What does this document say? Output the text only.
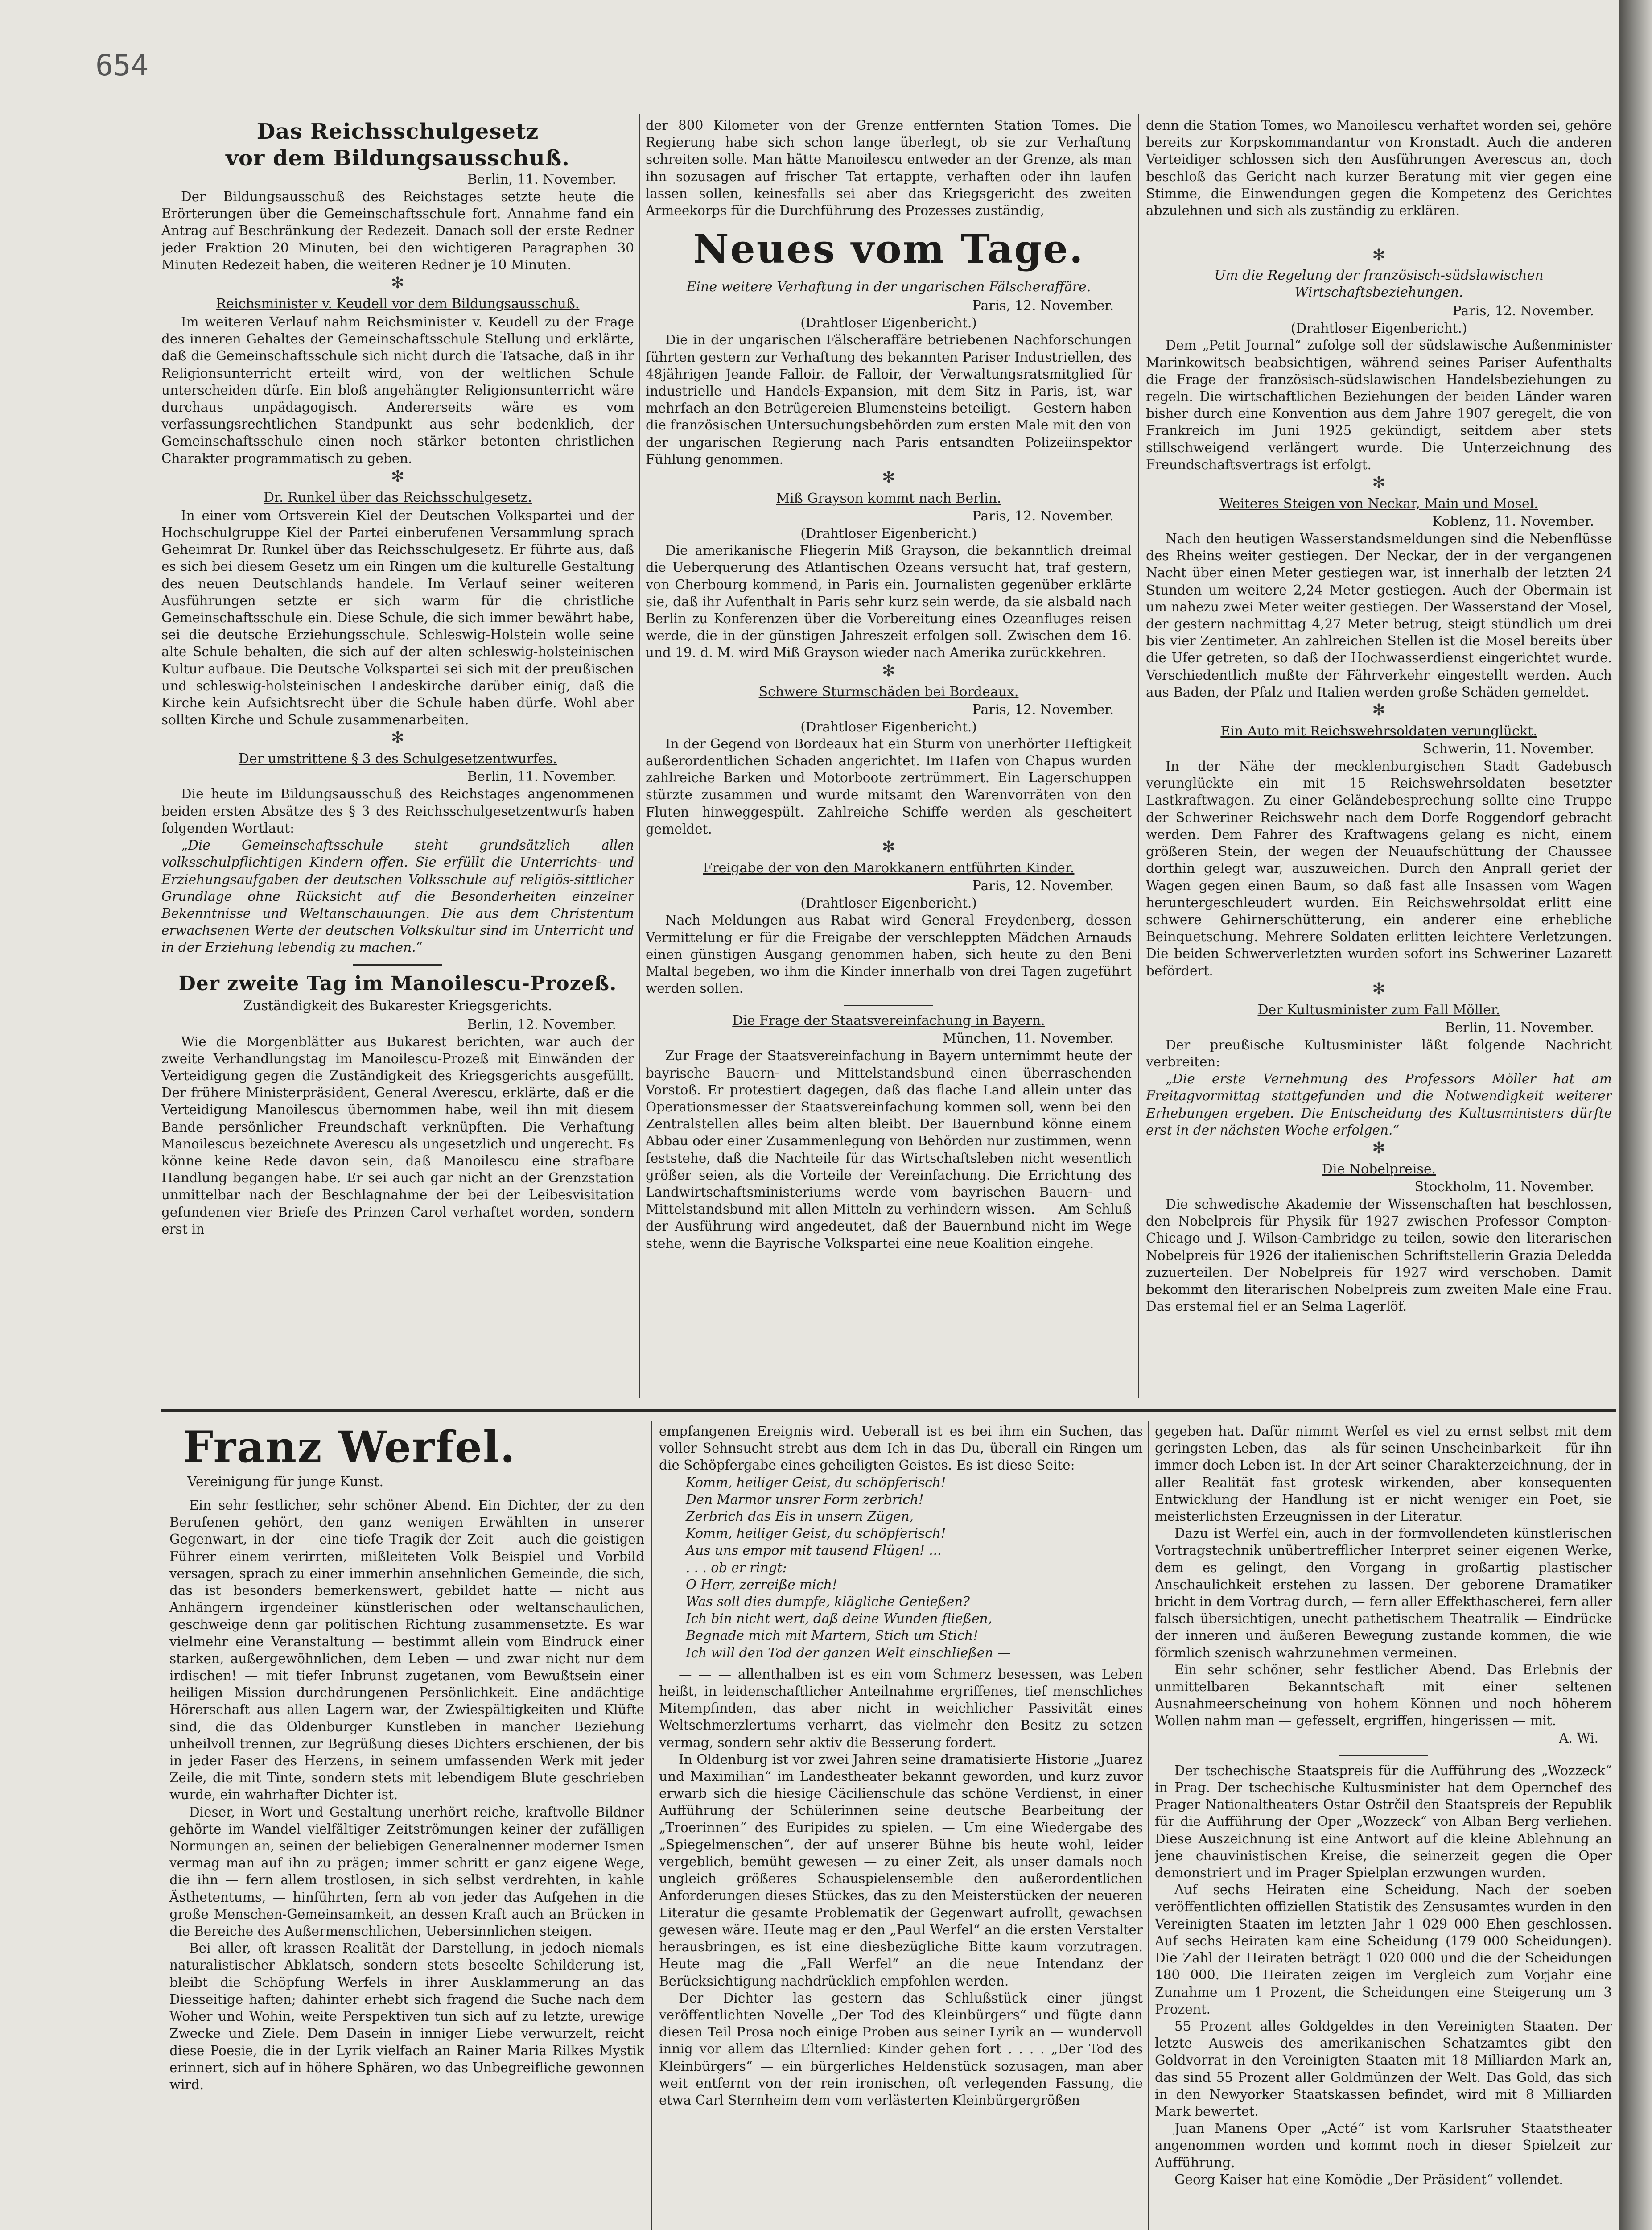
654
Das Reichsschulgesetz
vor dem Bildungsausschuß.
Berlin, 11. November.

Der Bildungsausschuß des Reichstages setzte heute die Erörterungen über die Gemeinschaftsschule fort. Annahme fand ein Antrag auf Beschränkung der Redezeit. Danach soll der erste Redner jeder Fraktion 20 Minuten, bei den wichtigeren Paragraphen 30 Minuten Redezeit haben, die weiteren Redner je 10 Minuten.

✻
Reichsminister v. Keudell vor dem Bildungsausschuß.

Im weiteren Verlauf nahm Reichsminister v. Keudell zu der Frage des inneren Gehaltes der Gemeinschaftsschule Stellung und erklärte, daß die Gemeinschaftsschule sich nicht durch die Tatsache, daß in ihr Religionsunterricht erteilt wird, von der weltlichen Schule unterscheiden dürfe. Ein bloß angehängter Religionsunterricht wäre durchaus unpädagogisch. Andererseits wäre es vom verfassungsrechtlichen Standpunkt aus sehr bedenklich, der Gemeinschaftsschule einen noch stärker betonten christlichen Charakter programmatisch zu geben.

✻
Dr. Runkel über das Reichsschulgesetz.

In einer vom Ortsverein Kiel der Deutschen Volkspartei und der Hochschulgruppe Kiel der Partei einberufenen Versammlung sprach Geheimrat Dr. Runkel über das Reichsschulgesetz. Er führte aus, daß es sich bei diesem Gesetz um ein Ringen um die kulturelle Gestaltung des neuen Deutschlands handele. Im Verlauf seiner weiteren Ausführungen setzte er sich warm für die christliche Gemeinschaftsschule ein. Diese Schule, die sich immer bewährt habe, sei die deutsche Erziehungsschule. Schleswig-Holstein wolle seine alte Schule behalten, die sich auf der alten schleswig-holsteinischen Kultur aufbaue. Die Deutsche Volkspartei sei sich mit der preußischen und schleswig-holsteinischen Landeskirche darüber einig, daß die Kirche kein Aufsichtsrecht über die Schule haben dürfe. Wohl aber sollten Kirche und Schule zusammenarbeiten.

✻
Der umstrittene § 3 des Schulgesetzentwurfes.
Berlin, 11. November.

Die heute im Bildungsausschuß des Reichstages angenommenen beiden ersten Absätze des § 3 des Reichsschulgesetzentwurfs haben folgenden Wortlaut:

„Die Gemeinschaftsschule steht grundsätzlich allen volksschulpflichtigen Kindern offen. Sie erfüllt die Unterrichts- und Erziehungsaufgaben der deutschen Volksschule auf religiös-sittlicher Grundlage ohne Rücksicht auf die Besonderheiten einzelner Bekenntnisse und Weltanschauungen. Die aus dem Christentum erwachsenen Werte der deutschen Volkskultur sind im Unterricht und in der Erziehung lebendig zu machen.“

Der zweite Tag im Manoilescu-Prozeß.
Zuständigkeit des Bukarester Kriegsgerichts.
Berlin, 12. November.

Wie die Morgenblätter aus Bukarest berichten, war auch der zweite Verhandlungstag im Manoilescu-Prozeß mit Einwänden der Verteidigung gegen die Zuständigkeit des Kriegsgerichts ausgefüllt. Der frühere Ministerpräsident, General Averescu, erklärte, daß er die Verteidigung Manoilescus übernommen habe, weil ihn mit diesem Bande persönlicher Freundschaft verknüpften. Die Verhaftung Manoilescus bezeichnete Averescu als ungesetzlich und ungerecht. Es könne keine Rede davon sein, daß Manoilescu eine strafbare Handlung begangen habe. Er sei auch gar nicht an der Grenzstation unmittelbar nach der Beschlagnahme der bei der Leibesvisitation gefundenen vier Briefe des Prinzen Carol verhaftet worden, sondern erst in

der 800 Kilometer von der Grenze entfernten Station Tomes. Die Regierung habe sich schon lange überlegt, ob sie zur Verhaftung schreiten solle. Man hätte Manoilescu entweder an der Grenze, als man ihn sozusagen auf frischer Tat ertappte, verhaften oder ihn laufen lassen sollen, keinesfalls sei aber das Kriegsgericht des zweiten Armeekorps für die Durchführung des Prozesses zuständig,

Neues vom Tage.
Eine weitere Verhaftung in der ungarischen Fälscheraffäre.
Paris, 12. November.
(Drahtloser Eigenbericht.)

Die in der ungarischen Fälscheraffäre betriebenen Nachforschungen führten gestern zur Verhaftung des bekannten Pariser Industriellen, des 48jährigen Jeande Falloir. de Falloir, der Verwaltungsratsmitglied für industrielle und Handels-Expansion, mit dem Sitz in Paris, ist, war mehrfach an den Betrügereien Blumensteins beteiligt. — Gestern haben die französischen Untersuchungsbehörden zum ersten Male mit den von der ungarischen Regierung nach Paris entsandten Polizeiinspektor Fühlung genommen.

✻
Miß Grayson kommt nach Berlin.
Paris, 12. November.
(Drahtloser Eigenbericht.)

Die amerikanische Fliegerin Miß Grayson, die bekanntlich dreimal die Ueberquerung des Atlantischen Ozeans versucht hat, traf gestern, von Cherbourg kommend, in Paris ein. Journalisten gegenüber erklärte sie, daß ihr Aufenthalt in Paris sehr kurz sein werde, da sie alsbald nach Berlin zu Konferenzen über die Vorbereitung eines Ozeanfluges reisen werde, die in der günstigen Jahreszeit erfolgen soll. Zwischen dem 16. und 19. d. M. wird Miß Grayson wieder nach Amerika zurückkehren.

✻
Schwere Sturmschäden bei Bordeaux.
Paris, 12. November.
(Drahtloser Eigenbericht.)

In der Gegend von Bordeaux hat ein Sturm von unerhörter Heftigkeit außerordentlichen Schaden angerichtet. Im Hafen von Chapus wurden zahlreiche Barken und Motorboote zertrümmert. Ein Lagerschuppen stürzte zusammen und wurde mitsamt den Warenvorräten von den Fluten hinweggespült. Zahlreiche Schiffe werden als gescheitert gemeldet.

✻
Freigabe der von den Marokkanern entführten Kinder.
Paris, 12. November.
(Drahtloser Eigenbericht.)

Nach Meldungen aus Rabat wird General Freydenberg, dessen Vermittelung er für die Freigabe der verschleppten Mädchen Arnauds einen günstigen Ausgang genommen haben, sich heute zu den Beni Maltal begeben, wo ihm die Kinder innerhalb von drei Tagen zugeführt werden sollen.

Die Frage der Staatsvereinfachung in Bayern.
München, 11. November.

Zur Frage der Staatsvereinfachung in Bayern unternimmt heute der bayrische Bauern- und Mittelstandsbund einen überraschenden Vorstoß. Er protestiert dagegen, daß das flache Land allein unter das Operationsmesser der Staatsvereinfachung kommen soll, wenn bei den Zentralstellen alles beim alten bleibt. Der Bauernbund könne einem Abbau oder einer Zusammenlegung von Behörden nur zustimmen, wenn feststehe, daß die Nachteile für das Wirtschaftsleben nicht wesentlich größer seien, als die Vorteile der Vereinfachung. Die Errichtung des Landwirtschaftsministeriums werde vom bayrischen Bauern- und Mittelstandsbund mit allen Mitteln zu verhindern wissen. — Am Schluß der Ausführung wird angedeutet, daß der Bauernbund nicht im Wege stehe, wenn die Bayrische Volkspartei eine neue Koalition eingehe.

denn die Station Tomes, wo Manoilescu verhaftet worden sei, gehöre bereits zur Korpskommandantur von Kronstadt. Auch die anderen Verteidiger schlossen sich den Ausführungen Averescus an, doch beschloß das Gericht nach kurzer Beratung mit vier gegen eine Stimme, die Einwendungen gegen die Kompetenz des Gerichtes abzulehnen und sich als zuständig zu erklären.

✻
Um die Regelung der französisch-südslawischen Wirtschaftsbeziehungen.
Paris, 12. November.
(Drahtloser Eigenbericht.)

Dem „Petit Journal“ zufolge soll der südslawische Außenminister Marinkowitsch beabsichtigen, während seines Pariser Aufenthalts die Frage der französisch-südslawischen Handelsbeziehungen zu regeln. Die wirtschaftlichen Beziehungen der beiden Länder waren bisher durch eine Konvention aus dem Jahre 1907 geregelt, die von Frankreich im Juni 1925 gekündigt, seitdem aber stets stillschweigend verlängert wurde. Die Unterzeichnung des Freundschaftsvertrags ist erfolgt.

✻
Weiteres Steigen von Neckar, Main und Mosel.
Koblenz, 11. November.

Nach den heutigen Wasserstandsmeldungen sind die Nebenflüsse des Rheins weiter gestiegen. Der Neckar, der in der vergangenen Nacht über einen Meter gestiegen war, ist innerhalb der letzten 24 Stunden um weitere 2,24 Meter gestiegen. Auch der Obermain ist um nahezu zwei Meter weiter gestiegen. Der Wasserstand der Mosel, der gestern nachmittag 4,27 Meter betrug, steigt stündlich um drei bis vier Zentimeter. An zahlreichen Stellen ist die Mosel bereits über die Ufer getreten, so daß der Hochwasserdienst eingerichtet wurde. Verschiedentlich mußte der Fährverkehr eingestellt werden. Auch aus Baden, der Pfalz und Italien werden große Schäden gemeldet.

✻
Ein Auto mit Reichswehrsoldaten verunglückt.
Schwerin, 11. November.

In der Nähe der mecklenburgischen Stadt Gadebusch verunglückte ein mit 15 Reichswehrsoldaten besetzter Lastkraftwagen. Zu einer Geländebesprechung sollte eine Truppe der Schweriner Reichswehr nach dem Dorfe Roggendorf gebracht werden. Dem Fahrer des Kraftwagens gelang es nicht, einem größeren Stein, der wegen der Neuaufschüttung der Chaussee dorthin gelegt war, auszuweichen. Durch den Anprall geriet der Wagen gegen einen Baum, so daß fast alle Insassen vom Wagen heruntergeschleudert wurden. Ein Reichswehrsoldat erlitt eine schwere Gehirnerschütterung, ein anderer eine erhebliche Beinquetschung. Mehrere Soldaten erlitten leichtere Verletzungen. Die beiden Schwerverletzten wurden sofort ins Schweriner Lazarett befördert.

✻
Der Kultusminister zum Fall Möller.
Berlin, 11. November.

Der preußische Kultusminister läßt folgende Nachricht verbreiten:

„Die erste Vernehmung des Professors Möller hat am Freitagvormittag stattgefunden und die Notwendigkeit weiterer Erhebungen ergeben. Die Entscheidung des Kultusministers dürfte erst in der nächsten Woche erfolgen.“

✻
Die Nobelpreise.
Stockholm, 11. November.

Die schwedische Akademie der Wissenschaften hat beschlossen, den Nobelpreis für Physik für 1927 zwischen Professor Compton-Chicago und J. Wilson-Cambridge zu teilen, sowie den literarischen Nobelpreis für 1926 der italienischen Schriftstellerin Grazia Deledda zuzuerteilen. Der Nobelpreis für 1927 wird verschoben. Damit bekommt den literarischen Nobelpreis zum zweiten Male eine Frau. Das erstemal fiel er an Selma Lagerlöf.

Franz Werfel.
Vereinigung für junge Kunst.

Ein sehr festlicher, sehr schöner Abend. Ein Dichter, der zu den Berufenen gehört, den ganz wenigen Erwählten in unserer Gegenwart, in der — eine tiefe Tragik der Zeit — auch die geistigen Führer einem verirrten, mißleiteten Volk Beispiel und Vorbild versagen, sprach zu einer immerhin ansehnlichen Gemeinde, die sich, das ist besonders bemerkenswert, gebildet hatte — nicht aus Anhängern irgendeiner künstlerischen oder weltanschaulichen, geschweige denn gar politischen Richtung zusammensetzte. Es war vielmehr eine Veranstaltung — bestimmt allein vom Eindruck einer starken, außergewöhnlichen, dem Leben — und zwar nicht nur dem irdischen! — mit tiefer Inbrunst zugetanen, vom Bewußtsein einer heiligen Mission durchdrungenen Persönlichkeit. Eine andächtige Hörerschaft aus allen Lagern war, der Zwiespältigkeiten und Klüfte sind, die das Oldenburger Kunstleben in mancher Beziehung unheilvoll trennen, zur Begrüßung dieses Dichters erschienen, der bis in jeder Faser des Herzens, in seinem umfassenden Werk mit jeder Zeile, die mit Tinte, sondern stets mit lebendigem Blute geschrieben wurde, ein wahrhafter Dichter ist.

Dieser, in Wort und Gestaltung unerhört reiche, kraftvolle Bildner gehörte im Wandel vielfältiger Zeitströmungen keiner der zufälligen Normungen an, seinen der beliebigen Generalnenner moderner Ismen vermag man auf ihn zu prägen; immer schritt er ganz eigene Wege, die ihn — fern allem trostlosen, in sich selbst verdrehten, in kahle Ästhetentums, — hinführten, fern ab von jeder das Aufgehen in die große Menschen-Gemeinsamkeit, an dessen Kraft auch an Brücken in die Bereiche des Außermenschlichen, Uebersinnlichen steigen.

Bei aller, oft krassen Realität der Darstellung, in jedoch niemals naturalistischer Abklatsch, sondern stets beseelte Schilderung ist, bleibt die Schöpfung Werfels in ihrer Ausklammerung an das Diesseitige haften; dahinter erhebt sich fragend die Suche nach dem Woher und Wohin, weite Perspektiven tun sich auf zu letzte, urewige Zwecke und Ziele. Dem Dasein in inniger Liebe verwurzelt, reicht diese Poesie, die in der Lyrik vielfach an Rainer Maria Rilkes Mystik erinnert, sich auf in höhere Sphären, wo das Unbegreifliche gewonnen wird.

empfangenen Ereignis wird. Ueberall ist es bei ihm ein Suchen, das voller Sehnsucht strebt aus dem Ich in das Du, überall ein Ringen um die Schöpfergabe eines geheiligten Geistes. Es ist diese Seite:

Komm, heiliger Geist, du schöpferisch!
Den Marmor unsrer Form zerbrich!
Zerbrich das Eis in unsern Zügen,
Komm, heiliger Geist, du schöpferisch!
Aus uns empor mit tausend Flügen! ...
. . . ob er ringt:
O Herr, zerreiße mich!
Was soll dies dumpfe, klägliche Genießen?
Ich bin nicht wert, daß deine Wunden fließen,
Begnade mich mit Martern, Stich um Stich!
Ich will den Tod der ganzen Welt einschließen —

— — — allenthalben ist es ein vom Schmerz besessen, was Leben heißt, in leidenschaftlicher Anteilnahme ergriffenes, tief menschliches Mitempfinden, das aber nicht in weichlicher Passivität eines Weltschmerzlertums verharrt, das vielmehr den Besitz zu setzen vermag, sondern sehr aktiv die Besserung fordert.

In Oldenburg ist vor zwei Jahren seine dramatisierte Historie „Juarez und Maximilian“ im Landestheater bekannt geworden, und kurz zuvor erwarb sich die hiesige Cäcilienschule das schöne Verdienst, in einer Aufführung der Schülerinnen seine deutsche Bearbeitung der „Troerinnen“ des Euripides zu spielen. — Um eine Wiedergabe des „Spiegelmenschen“, der auf unserer Bühne bis heute wohl, leider vergeblich, bemüht gewesen — zu einer Zeit, als unser damals noch ungleich größeres Schauspielensemble den außerordentlichen Anforderungen dieses Stückes, das zu den Meisterstücken der neueren Literatur die gesamte Problematik der Gegenwart aufrollt, gewachsen gewesen wäre. Heute mag er den „Paul Werfel“ an die ersten Verstalter herausbringen, es ist eine diesbezügliche Bitte kaum vorzutragen. Heute mag die „Fall Werfel“ an die neue Intendanz der Berücksichtigung nachdrücklich empfohlen werden.

Der Dichter las gestern das Schlußstück einer jüngst veröffentlichten Novelle „Der Tod des Kleinbürgers“ und fügte dann diesen Teil Prosa noch einige Proben aus seiner Lyrik an — wundervoll innig vor allem das Elternlied: Kinder gehen fort . . . . „Der Tod des Kleinbürgers“ — ein bürgerliches Heldenstück sozusagen, man aber weit entfernt von der rein ironischen, oft verlegenden Fassung, die etwa Carl Sternheim dem vom verlästerten Kleinbürgergrößen

gegeben hat. Dafür nimmt Werfel es viel zu ernst selbst mit dem geringsten Leben, das — als für seinen Unscheinbarkeit — für ihn immer doch Leben ist. In der Art seiner Charakterzeichnung, der in aller Realität fast grotesk wirkenden, aber konsequenten Entwicklung der Handlung ist er nicht weniger ein Poet, sie meisterlichsten Erzeugnissen in der Literatur.

Dazu ist Werfel ein, auch in der formvollendeten künstlerischen Vortragstechnik unübertrefflicher Interpret seiner eigenen Werke, dem es gelingt, den Vorgang in großartig plastischer Anschaulichkeit erstehen zu lassen. Der geborene Dramatiker bricht in dem Vortrag durch, — fern aller Effekthascherei, fern aller falsch übersichtigen, unecht pathetischem Theatralik — Eindrücke der inneren und äußeren Bewegung zustande kommen, die wie förmlich szenisch wahrzunehmen vermeinen.

Ein sehr schöner, sehr festlicher Abend. Das Erlebnis der unmittelbaren Bekanntschaft mit einer seltenen Ausnahmeerscheinung von hohem Können und noch höherem Wollen nahm man — gefesselt, ergriffen, hingerissen — mit.

A. Wi.

Der tschechische Staatspreis für die Aufführung des „Wozzeck“ in Prag. Der tschechische Kultusminister hat dem Opernchef des Prager Nationaltheaters Ostar Ostrčil den Staatspreis der Republik für die Aufführung der Oper „Wozzeck“ von Alban Berg verliehen. Diese Auszeichnung ist eine Antwort auf die kleine Ablehnung an jene chauvinistischen Kreise, die seinerzeit gegen die Oper demonstriert und im Prager Spielplan erzwungen wurden.

Auf sechs Heiraten eine Scheidung. Nach der soeben veröffentlichten offiziellen Statistik des Zensusamtes wurden in den Vereinigten Staaten im letzten Jahr 1 029 000 Ehen geschlossen. Auf sechs Heiraten kam eine Scheidung (179 000 Scheidungen). Die Zahl der Heiraten beträgt 1 020 000 und die der Scheidungen 180 000. Die Heiraten zeigen im Vergleich zum Vorjahr eine Zunahme um 1 Prozent, die Scheidungen eine Steigerung um 3 Prozent.

55 Prozent alles Goldgeldes in den Vereinigten Staaten. Der letzte Ausweis des amerikanischen Schatzamtes gibt den Goldvorrat in den Vereinigten Staaten mit 18 Milliarden Mark an, das sind 55 Prozent aller Goldmünzen der Welt. Das Gold, das sich in den Newyorker Staatskassen befindet, wird mit 8 Milliarden Mark bewertet.

Juan Manens Oper „Acté“ ist vom Karlsruher Staatstheater angenommen worden und kommt noch in dieser Spielzeit zur Aufführung.

Georg Kaiser hat eine Komödie „Der Präsident“ vollendet.
